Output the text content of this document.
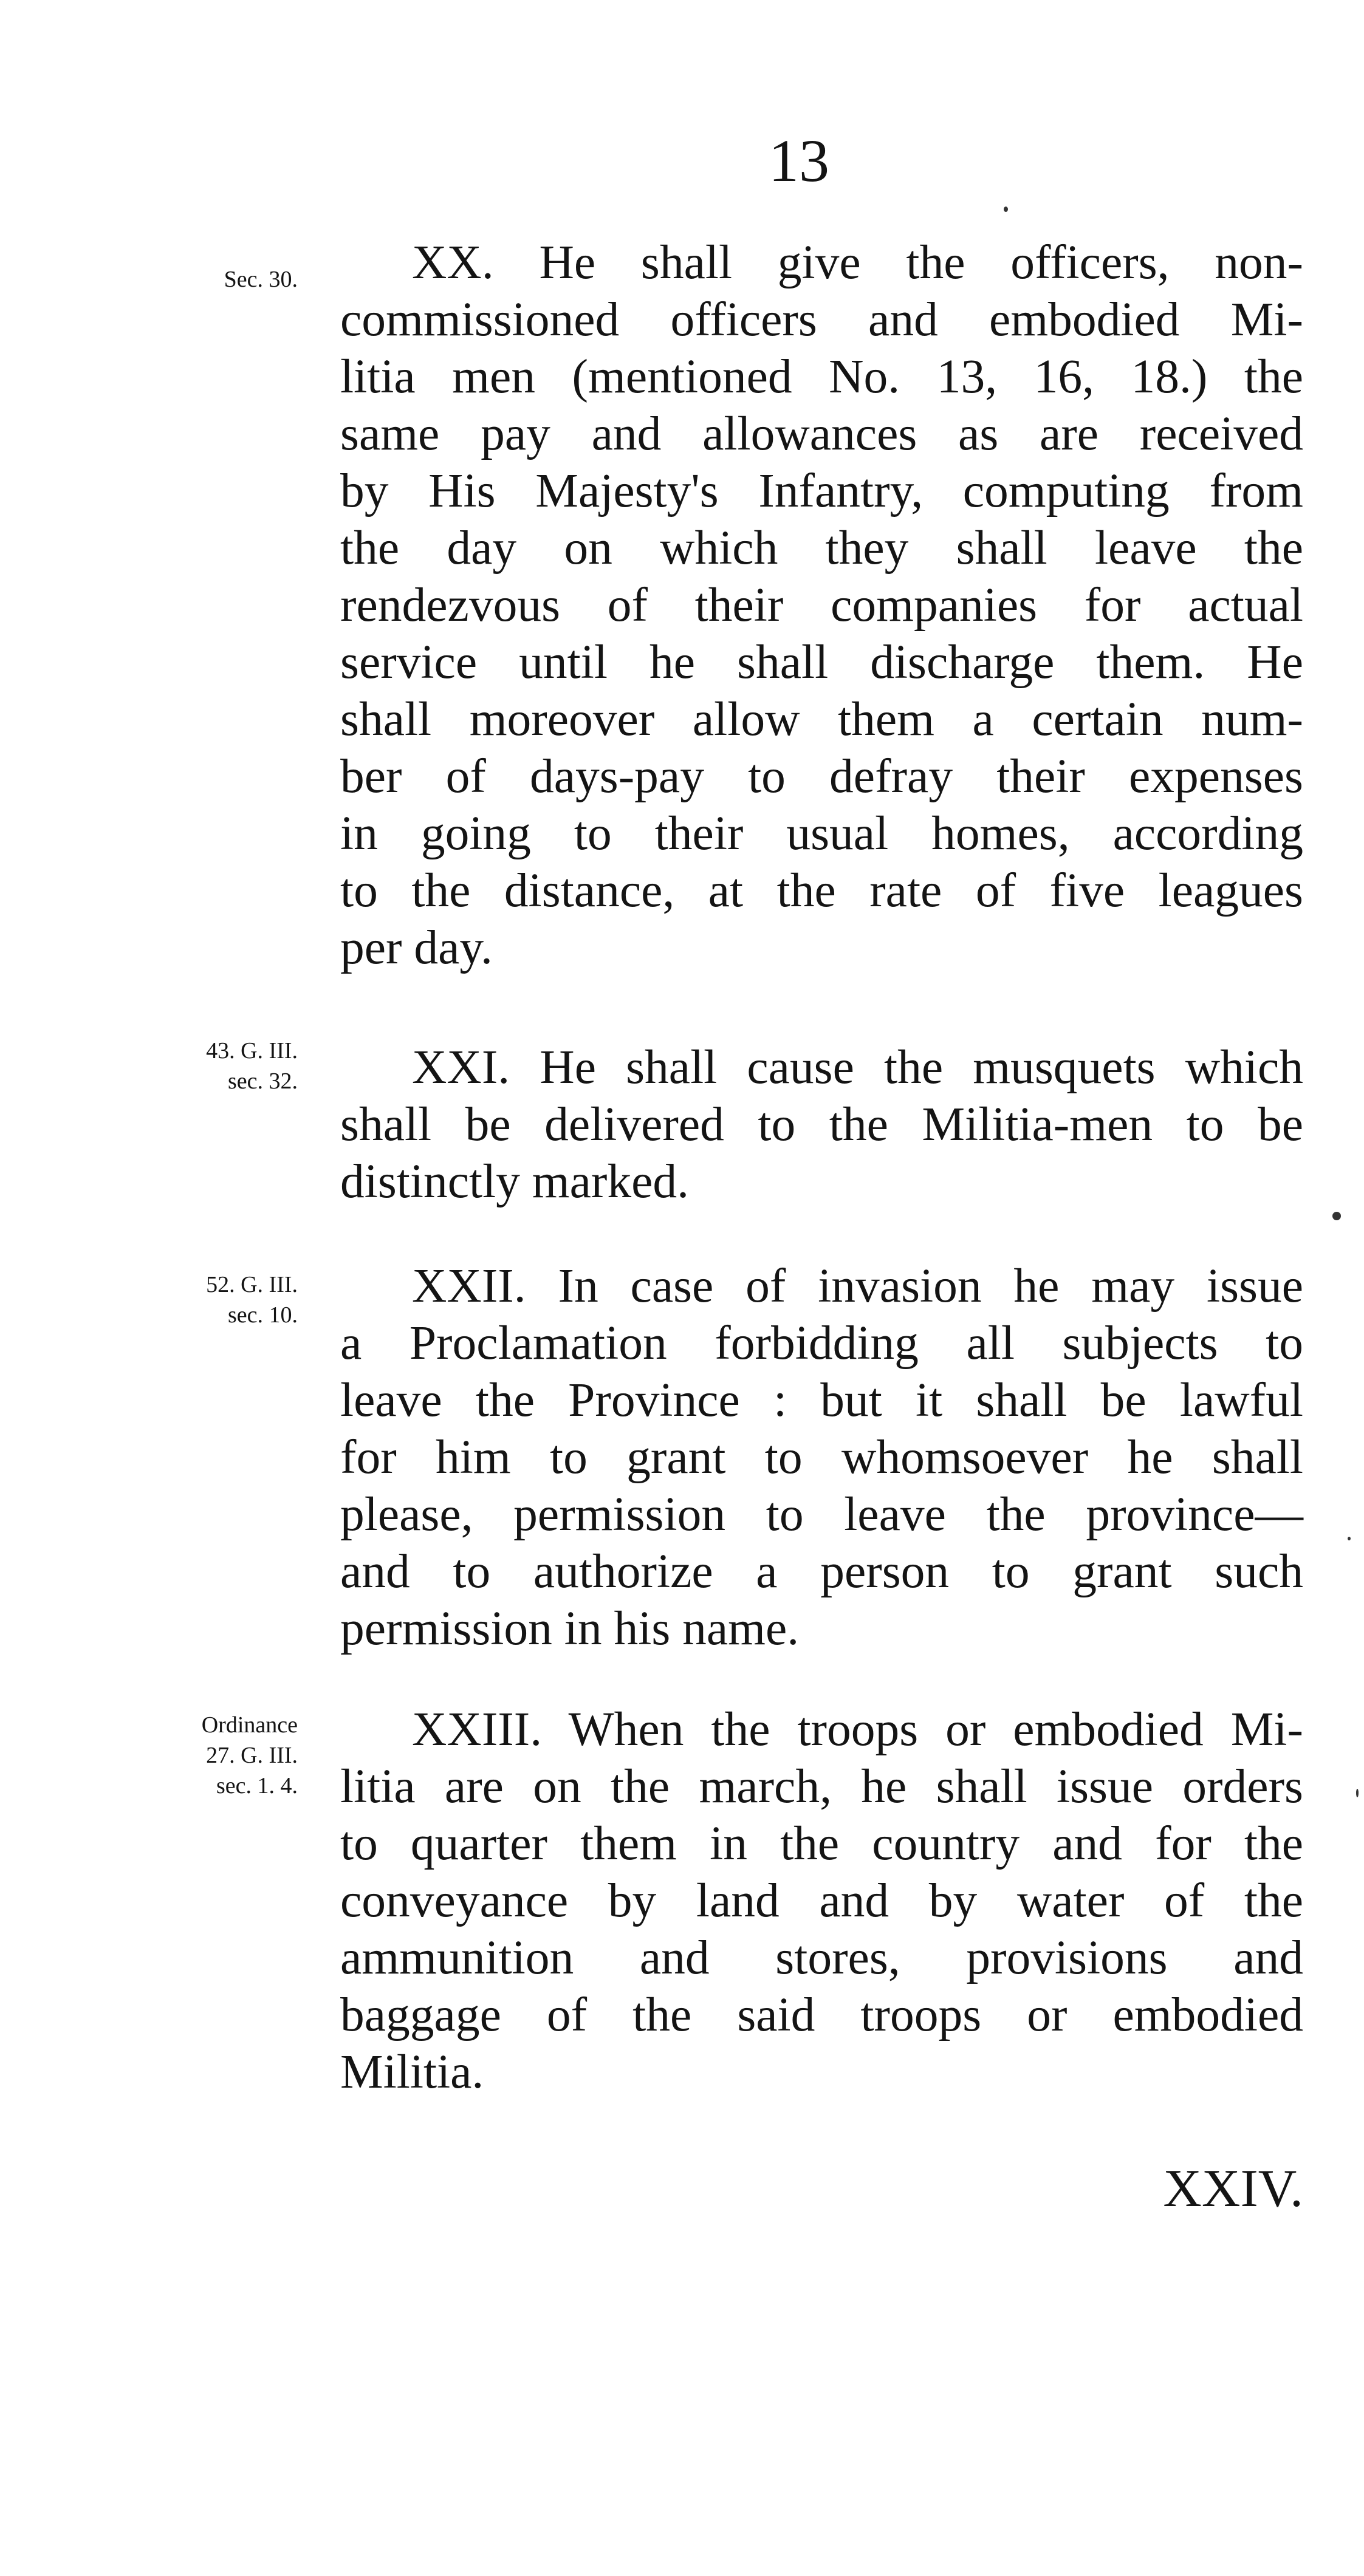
13
Sec. 30.	XX. He shall give the officers, non-
commissioned officers and embodied Mi-
litia men (mentioned No. 13, 16, 18.) the
same pay and allowances as are received
by His Majesty's Infantry, computing from
the day on which they shall leave the
rendezvous of their companies for actual
service until he shall discharge them. He
shall moreover allow them a certain num-
ber of days-pay to defray their expenses
in going to their usual homes, according
to the distance, at the rate of five leagues
per day.
43. G. III.
sec. 32.	XXI. He shall cause the musquets which
shall be delivered to the Militia-men to be
distinctly marked.
52. G. III.
sec. 10.
XXII. In case of invasion he may issue
a Proclamation forbidding all subjects to
leave the Province : but it shall be lawful
for him to grant to whomsoever he shall
please, permission to leave the province—
and to authorize a person to grant such
permission in his name.
Ordinance
27. G. III.
sec. 1. 4.
XXIII. When the troops or embodied Mi-
litia are on the march, he shall issue orders
to quarter them in the country and for the
conveyance by land and by water of the
ammunition and stores, provisions and
baggage of the said troops or embodied
Militia.
XXIV.
